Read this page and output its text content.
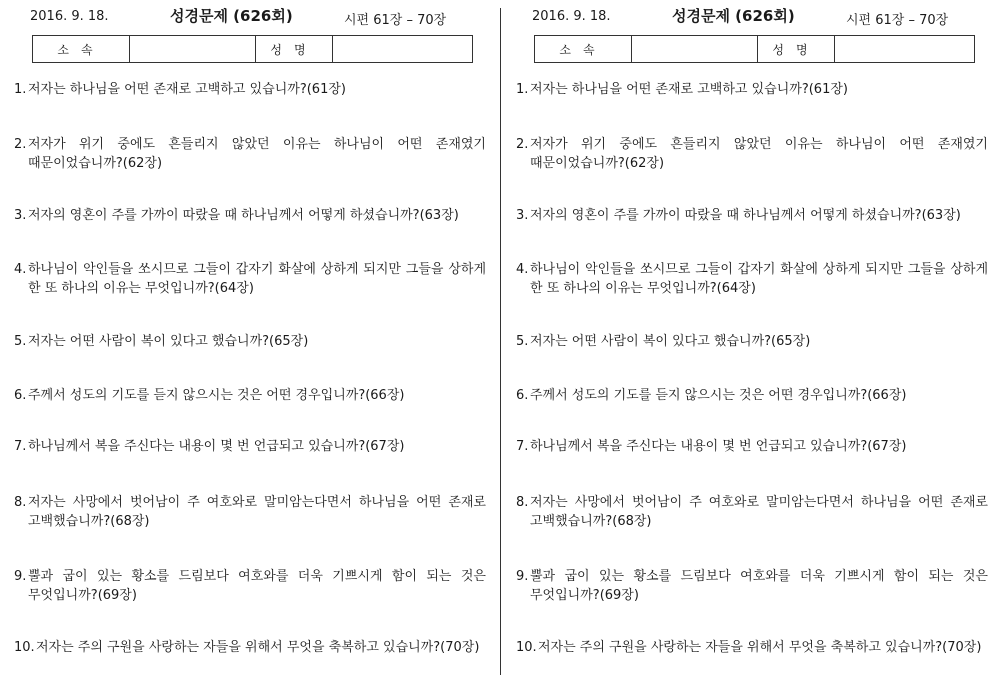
2016. 9. 18.	성경문제 (626회)	시편 61장 – 70장
소속		성명	
1. 저자는 하나님을 어떤 존재로 고백하고 있습니까?(61장)
2. 저자가 위기 중에도 흔들리지 않았던 이유는 하나님이 어떤 존재였기 때문이었습니까?(62장)
3. 저자의 영혼이 주를 가까이 따랐을 때 하나님께서 어떻게 하셨습니까?(63장)
4. 하나님이 악인들을 쏘시므로 그들이 갑자기 화살에 상하게 되지만 그들을 상하게 한 또 하나의 이유는 무엇입니까?(64장)
5. 저자는 어떤 사람이 복이 있다고 했습니까?(65장)
6. 주께서 성도의 기도를 듣지 않으시는 것은 어떤 경우입니까?(66장)
7. 하나님께서 복을 주신다는 내용이 몇 번 언급되고 있습니까?(67장)
8. 저자는 사망에서 벗어남이 주 여호와로 말미암는다면서 하나님을 어떤 존재로 고백했습니까?(68장)
9. 뿔과 굽이 있는 황소를 드림보다 여호와를 더욱 기쁘시게 함이 되는 것은 무엇입니까?(69장)
10. 저자는 주의 구원을 사랑하는 자들을 위해서 무엇을 축복하고 있습니까?(70장)
2016. 9. 18.	성경문제 (626회)	시편 61장 – 70장
소속		성명	
1. 저자는 하나님을 어떤 존재로 고백하고 있습니까?(61장)
2. 저자가 위기 중에도 흔들리지 않았던 이유는 하나님이 어떤 존재였기 때문이었습니까?(62장)
3. 저자의 영혼이 주를 가까이 따랐을 때 하나님께서 어떻게 하셨습니까?(63장)
4. 하나님이 악인들을 쏘시므로 그들이 갑자기 화살에 상하게 되지만 그들을 상하게 한 또 하나의 이유는 무엇입니까?(64장)
5. 저자는 어떤 사람이 복이 있다고 했습니까?(65장)
6. 주께서 성도의 기도를 듣지 않으시는 것은 어떤 경우입니까?(66장)
7. 하나님께서 복을 주신다는 내용이 몇 번 언급되고 있습니까?(67장)
8. 저자는 사망에서 벗어남이 주 여호와로 말미암는다면서 하나님을 어떤 존재로 고백했습니까?(68장)
9. 뿔과 굽이 있는 황소를 드림보다 여호와를 더욱 기쁘시게 함이 되는 것은 무엇입니까?(69장)
10. 저자는 주의 구원을 사랑하는 자들을 위해서 무엇을 축복하고 있습니까?(70장)
